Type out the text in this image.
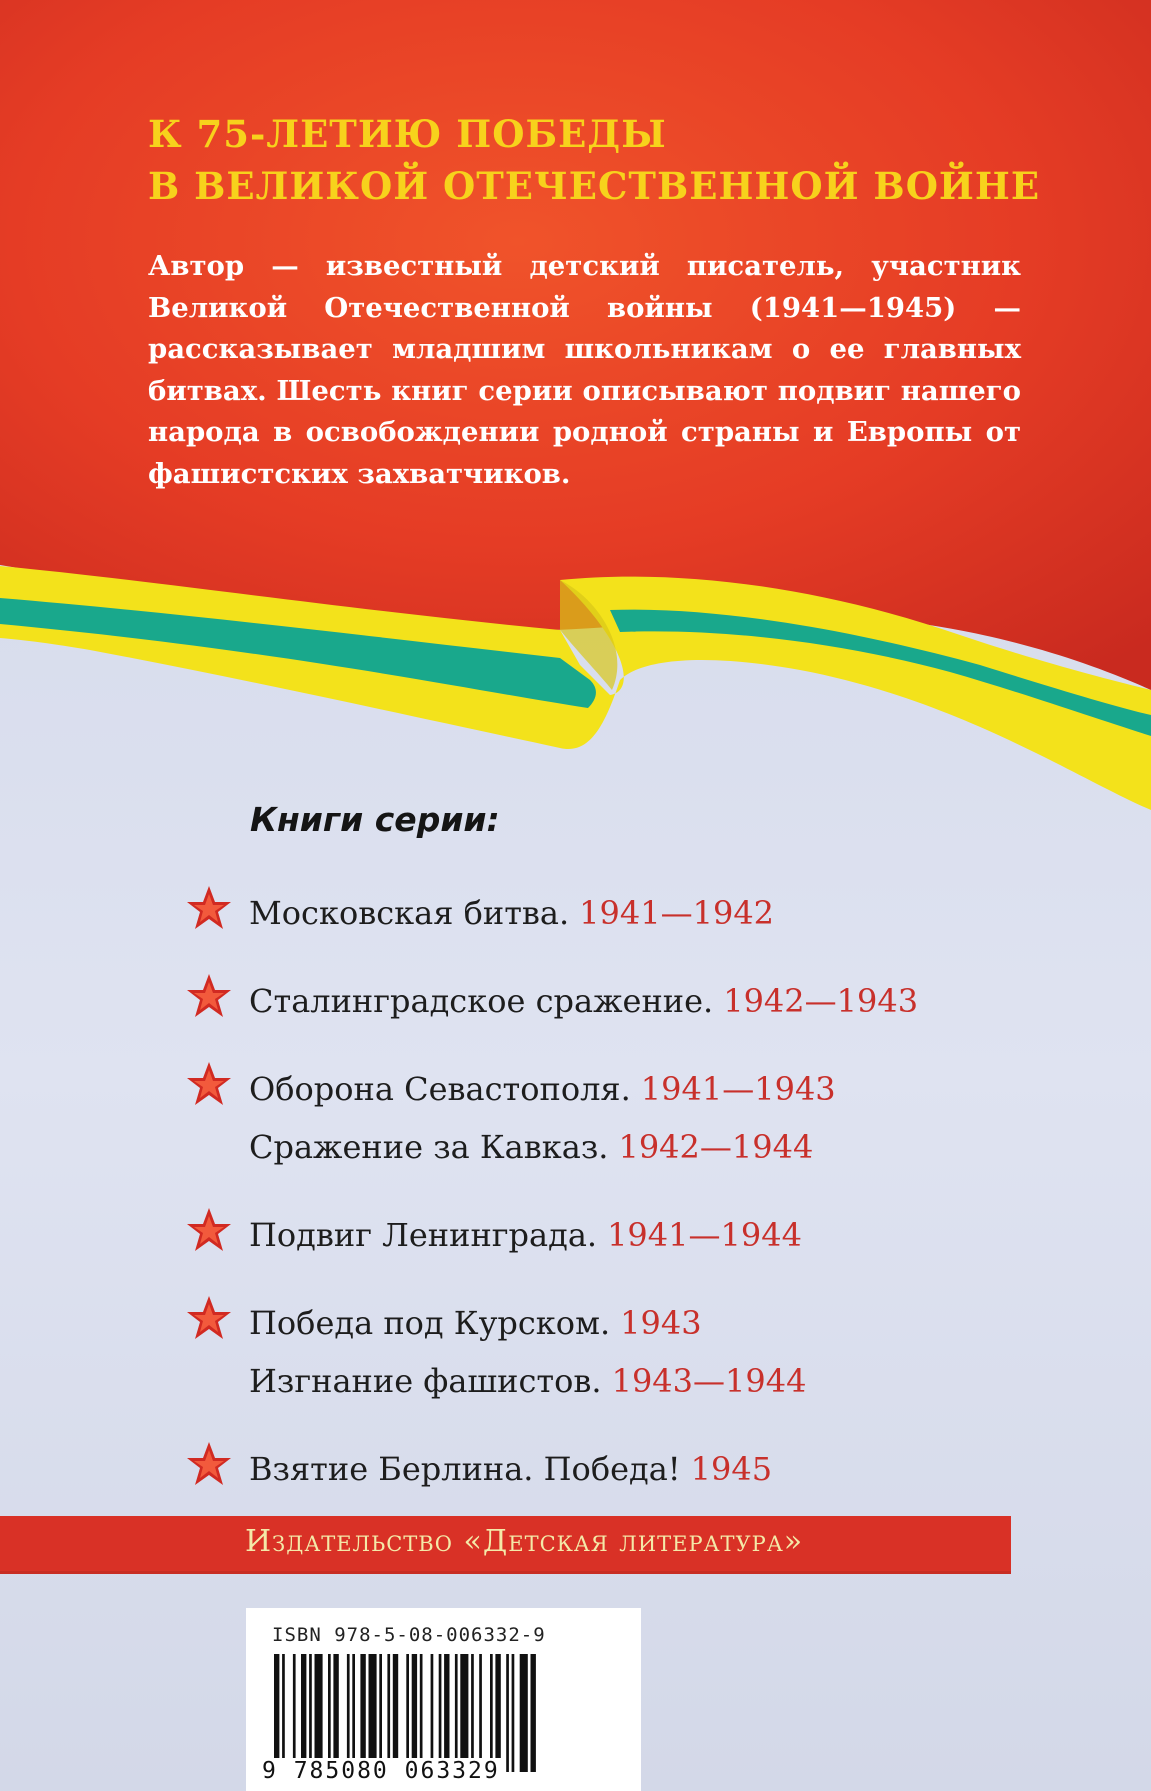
К 75-ЛЕТИЮ ПОБЕДЫ
В ВЕЛИКОЙ ОТЕЧЕСТВЕННОЙ ВОЙНЕ

Автор — известный детский писатель, участник Великой Отечественной войны (1941—1945) — рассказывает младшим школьникам о ее главных битвах. Шесть книг серии описывают подвиг нашего народа в освобождении родной страны и Европы от фашистских захватчиков.

Книги серии:
Московская битва. 1941—1942
Сталинградское сражение. 1942—1943
Оборона Севастополя. 1941—1943
Сражение за Кавказ. 1942—1944
Подвиг Ленинграда. 1941—1944
Победа под Курском. 1943
Изгнание фашистов. 1943—1944
Взятие Берлина. Победа! 1945
Издательство «Детская литература»
ISBN 978-5-08-006332-9
9 785080 063329
